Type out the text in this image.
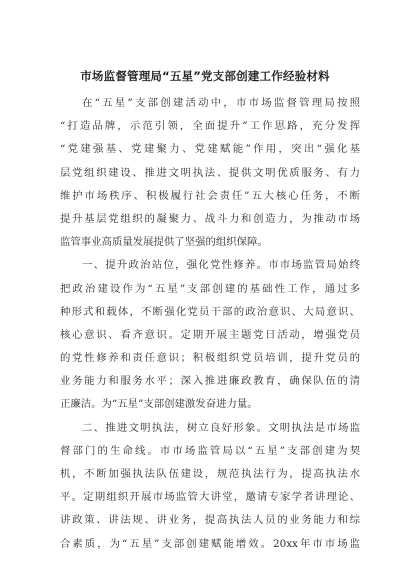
市场监督管理局“五星”党支部创建工作经验材料
在“五星”支部创建活动中，市市场监督管理局按照
“打造品牌，示范引领，全面提升”工作思路，充分发挥
“党建强基、党建聚力、党建赋能”作用，突出“强化基
层党组织建设、推进文明执法、提供文明优质服务、有力
维护市场秩序、积极履行社会责任”五大核心任务，不断
提升基层党组织的凝聚力、战斗力和创造力，为推动市场
监管事业高质量发展提供了坚强的组织保障。
一、提升政治站位，强化党性修养。市市场监管局始终
把政治建设作为“五星”支部创建的基础性工作，通过多
种形式和载体，不断强化党员干部的政治意识、大局意识、
核心意识、看齐意识。定期开展主题党日活动，增强党员
的党性修养和责任意识；积极组织党员培训，提升党员的
业务能力和服务水平；深入推进廉政教育，确保队伍的清
正廉洁。为“五星”支部创建激发奋进力量。
二、推进文明执法，树立良好形象。文明执法是市场监
督部门的生命线。市市场监管局以“五星”支部创建为契
机，不断加强执法队伍建设，规范执法行为，提高执法水
平。定期组织开展市场监管大讲堂，邀请专家学者讲理论、
讲政策、讲法规、讲业务，提高执法人员的业务能力和综
合素质，为“五星”支部创建赋能增效。20xx年市市场监
